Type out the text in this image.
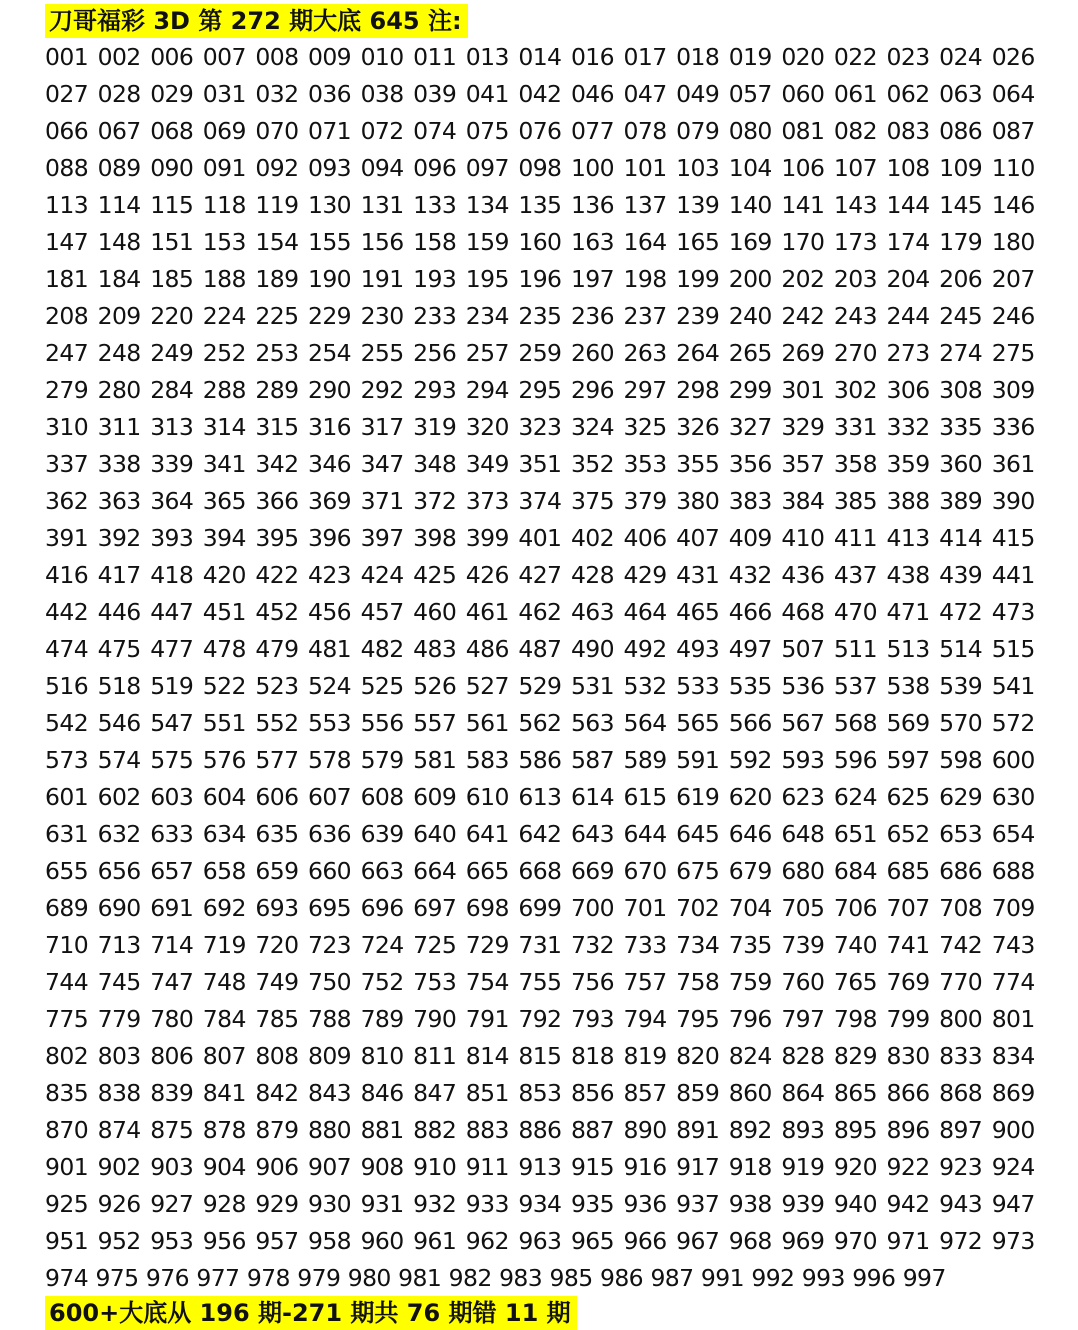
刀哥福彩 3D 第 272 期大底 645 注:
001 002 006 007 008 009 010 011 013 014 016 017 018 019 020 022 023 024 026
027 028 029 031 032 036 038 039 041 042 046 047 049 057 060 061 062 063 064
066 067 068 069 070 071 072 074 075 076 077 078 079 080 081 082 083 086 087
088 089 090 091 092 093 094 096 097 098 100 101 103 104 106 107 108 109 110
113 114 115 118 119 130 131 133 134 135 136 137 139 140 141 143 144 145 146
147 148 151 153 154 155 156 158 159 160 163 164 165 169 170 173 174 179 180
181 184 185 188 189 190 191 193 195 196 197 198 199 200 202 203 204 206 207
208 209 220 224 225 229 230 233 234 235 236 237 239 240 242 243 244 245 246
247 248 249 252 253 254 255 256 257 259 260 263 264 265 269 270 273 274 275
279 280 284 288 289 290 292 293 294 295 296 297 298 299 301 302 306 308 309
310 311 313 314 315 316 317 319 320 323 324 325 326 327 329 331 332 335 336
337 338 339 341 342 346 347 348 349 351 352 353 355 356 357 358 359 360 361
362 363 364 365 366 369 371 372 373 374 375 379 380 383 384 385 388 389 390
391 392 393 394 395 396 397 398 399 401 402 406 407 409 410 411 413 414 415
416 417 418 420 422 423 424 425 426 427 428 429 431 432 436 437 438 439 441
442 446 447 451 452 456 457 460 461 462 463 464 465 466 468 470 471 472 473
474 475 477 478 479 481 482 483 486 487 490 492 493 497 507 511 513 514 515
516 518 519 522 523 524 525 526 527 529 531 532 533 535 536 537 538 539 541
542 546 547 551 552 553 556 557 561 562 563 564 565 566 567 568 569 570 572
573 574 575 576 577 578 579 581 583 586 587 589 591 592 593 596 597 598 600
601 602 603 604 606 607 608 609 610 613 614 615 619 620 623 624 625 629 630
631 632 633 634 635 636 639 640 641 642 643 644 645 646 648 651 652 653 654
655 656 657 658 659 660 663 664 665 668 669 670 675 679 680 684 685 686 688
689 690 691 692 693 695 696 697 698 699 700 701 702 704 705 706 707 708 709
710 713 714 719 720 723 724 725 729 731 732 733 734 735 739 740 741 742 743
744 745 747 748 749 750 752 753 754 755 756 757 758 759 760 765 769 770 774
775 779 780 784 785 788 789 790 791 792 793 794 795 796 797 798 799 800 801
802 803 806 807 808 809 810 811 814 815 818 819 820 824 828 829 830 833 834
835 838 839 841 842 843 846 847 851 853 856 857 859 860 864 865 866 868 869
870 874 875 878 879 880 881 882 883 886 887 890 891 892 893 895 896 897 900
901 902 903 904 906 907 908 910 911 913 915 916 917 918 919 920 922 923 924
925 926 927 928 929 930 931 932 933 934 935 936 937 938 939 940 942 943 947
951 952 953 956 957 958 960 961 962 963 965 966 967 968 969 970 971 972 973
974 975 976 977 978 979 980 981 982 983 985 986 987 991 992 993 996 997
600+大底从 196 期-271 期共 76 期错 11 期
